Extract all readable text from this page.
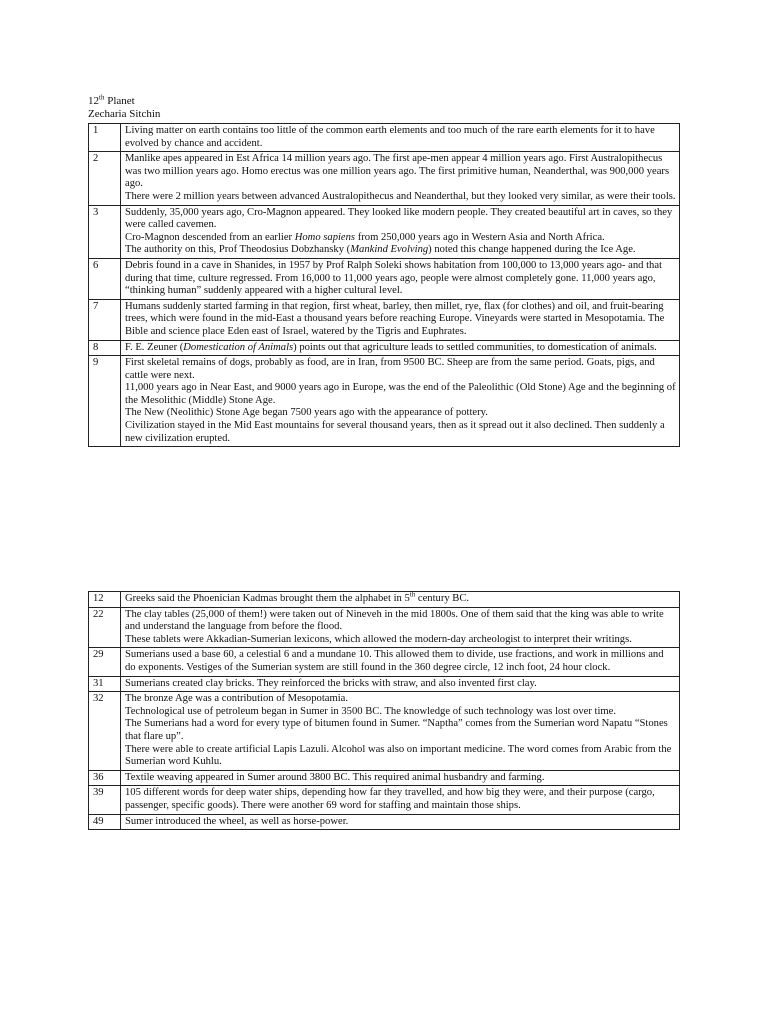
12th Planet
Zecharia Sitchin
1	Living matter on earth contains too little of the common earth elements and too much of the rare earth elements for it to have evolved by chance and accident.

2	Manlike apes appeared in Est Africa 14 million years ago. The first ape-men appear 4 million years ago. First Australopithecus was two million years ago. Homo erectus was one million years ago. The first primitive human, Neanderthal, was 900,000 years ago.

There were 2 million years between advanced Australopithecus and Neanderthal, but they looked very similar, as were their tools.

3	Suddenly, 35,000 years ago, Cro-Magnon appeared. They looked like modern people. They created beautiful art in caves, so they were called cavemen.

Cro-Magnon descended from an earlier Homo sapiens from 250,000 years ago in Western Asia and North Africa.

The authority on this, Prof Theodosius Dobzhansky (Mankind Evolving) noted this change happened during the Ice Age.

6	Debris found in a cave in Shanides, in 1957 by Prof Ralph Soleki shows habitation from 100,000 to 13,000 years ago- and that during that time, culture regressed. From 16,000 to 11,000 years ago, people were almost completely gone. 11,000 years ago, “thinking human” suddenly appeared with a higher cultural level.

7	Humans suddenly started farming in that region, first wheat, barley, then millet, rye, flax (for clothes) and oil, and fruit-bearing trees, which were found in the mid-East a thousand years before reaching Europe. Vineyards were started in Mesopotamia. The Bible and science place Eden east of Israel, watered by the Tigris and Euphrates.

8	F. E. Zeuner (Domestication of Animals) points out that agriculture leads to settled communities, to domestication of animals.

9	First skeletal remains of dogs, probably as food, are in Iran, from 9500 BC. Sheep are from the same period. Goats, pigs, and cattle were next.

11,000 years ago in Near East, and 9000 years ago in Europe, was the end of the Paleolithic (Old Stone) Age and the beginning of the Mesolithic (Middle) Stone Age.

The New (Neolithic) Stone Age began 7500 years ago with the appearance of pottery.

Civilization stayed in the Mid East mountains for several thousand years, then as it spread out it also declined. Then suddenly a new civilization erupted.

12	Greeks said the Phoenician Kadmas brought them the alphabet in 5th century BC.

22	The clay tables (25,000 of them!) were taken out of Nineveh in the mid 1800s. One of them said that the king was able to write and understand the language from before the flood.

These tablets were Akkadian-Sumerian lexicons, which allowed the modern-day archeologist to interpret their writings.

29	Sumerians used a base 60, a celestial 6 and a mundane 10. This allowed them to divide, use fractions, and work in millions and do exponents. Vestiges of the Sumerian system are still found in the 360 degree circle, 12 inch foot, 24 hour clock.

31	Sumerians created clay bricks. They reinforced the bricks with straw, and also invented first clay.

32	The bronze Age was a contribution of Mesopotamia.

Technological use of petroleum began in Sumer in 3500 BC. The knowledge of such technology was lost over time.

The Sumerians had a word for every type of bitumen found in Sumer. “Naptha” comes from the Sumerian word Napatu “Stones that flare up”.

There were able to create artificial Lapis Lazuli. Alcohol was also on important medicine. The word comes from Arabic from the Sumerian word Kuhlu.

36	Textile weaving appeared in Sumer around 3800 BC. This required animal husbandry and farming.

39	105 different words for deep water ships, depending how far they travelled, and how big they were, and their purpose (cargo, passenger, specific goods). There were another 69 word for staffing and maintain those ships.

49	Sumer introduced the wheel, as well as horse-power.
